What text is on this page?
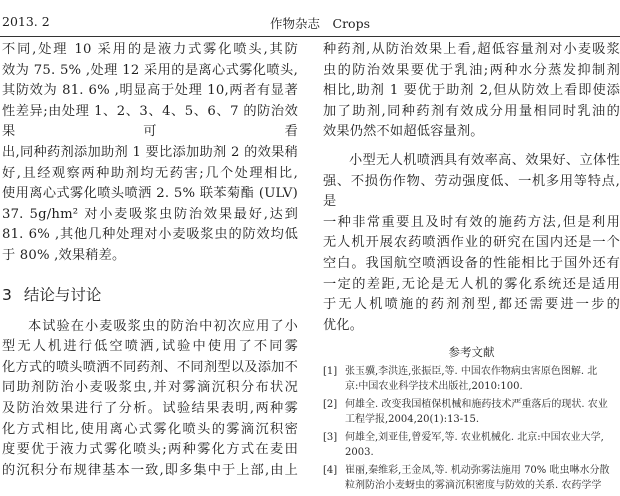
2013. 2	作物杂志　Crops

不同,处理 10 采用的是液力式雾化喷头,其防
效为 75. 5% ,处理 12 采用的是离心式雾化喷头,
其防效为 81. 6% ,明显高于处理 10,两者有显著
性差异;由处理 1、2、3、4、5、6、7 的防治效果可看
出,同种药剂添加助剂 1 要比添加助剂 2 的效果稍
好,且经观察两种助剂均无药害;几个处理相比,
使用离心式雾化喷头喷洒 2. 5% 联苯菊酯 (ULV)
37. 5g/hm² 对小麦吸浆虫防治效果最好,达到
81. 6% ,其他几种处理对小麦吸浆虫的防效均低
于 80% ,效果稍差。

3 结论与讨论

本试验在小麦吸浆虫的防治中初次应用了小
型无人机进行低空喷洒,试验中使用了不同雾
化方式的喷头喷洒不同药剂、不同剂型以及添加不
同助剂防治小麦吸浆虫,并对雾滴沉积分布状况
及防治效果进行了分析。试验结果表明,两种雾
化方式相比,使用离心式雾化喷头的雾滴沉积密
度要优于液力式雾化喷头;两种雾化方式在麦田
的沉积分布规律基本一致,即多集中于上部,由上

种药剂,从防治效果上看,超低容量剂对小麦吸浆
虫的防治效果要优于乳油;两种水分蒸发抑制剂
相比,助剂 1 要优于助剂 2,但从防效上看即使添
加了助剂,同种药剂有效成分用量相同时乳油的
效果仍然不如超低容量剂。

小型无人机喷洒具有效率高、效果好、立体性
强、不损伤作物、劳动强度低、一机多用等特点,是
一种非常重要且及时有效的施药方法,但是利用
无人机开展农药喷洒作业的研究在国内还是一个
空白。我国航空喷洒设备的性能相比于国外还有
一定的差距,无论是无人机的雾化系统还是适用
于无人机喷施的药剂剂型,都还需要进一步的
优化。

参考文献
[1] 张玉骥,李洪连,张振臣,等. 中国农作物病虫害原色图解. 北
京:中国农业科学技术出版社,2010:100.
[2] 何雄全. 改变我国植保机械和施药技术严重落后的现状. 农业
工程学报,2004,20(1):13-15.
[3] 何雄全,刘亚佳,曾爱军,等. 农业机械化. 北京:中国农业大学,
2003.
[4] 崔丽,秦维彩,王金凤,等. 机动弥雾法施用 70% 吡虫啉水分散
粒剂防治小麦蚜虫的雾滴沉积密度与防效的关系. 农药学学
